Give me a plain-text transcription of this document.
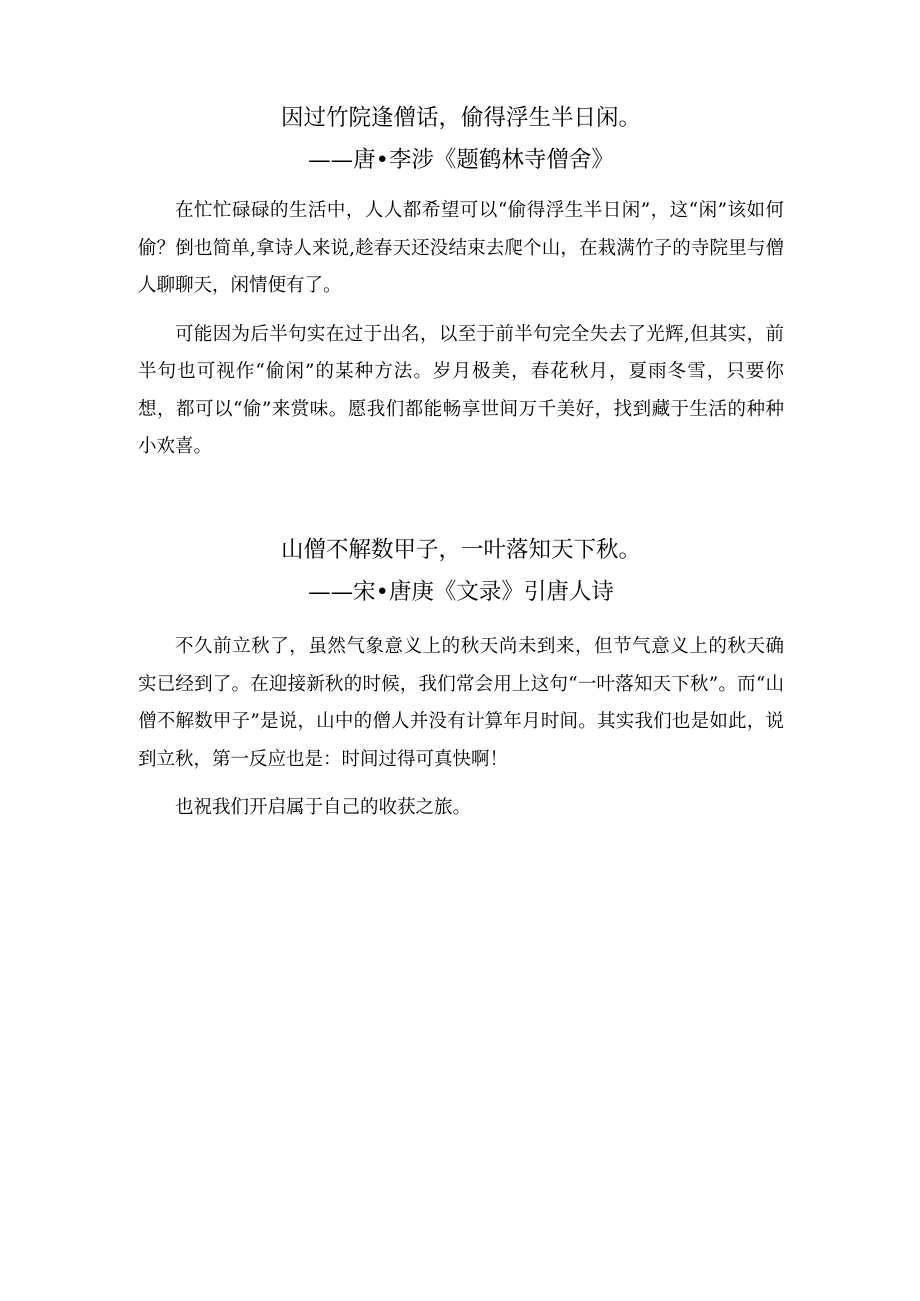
因过竹院逢僧话，偷得浮生半日闲。

——唐•李涉《题鹤林寺僧舍》

在忙忙碌碌的生活中，人人都希望可以“偷得浮生半日闲”，这“闲”该如何偷？倒也简单,拿诗人来说,趁春天还没结束去爬个山，在栽满竹子的寺院里与僧人聊聊天，闲情便有了。

可能因为后半句实在过于出名，以至于前半句完全失去了光辉,但其实，前半句也可视作“偷闲”的某种方法。岁月极美，春花秋月，夏雨冬雪，只要你想，都可以“偷”来赏味。愿我们都能畅享世间万千美好，找到藏于生活的种种小欢喜。

山僧不解数甲子，一叶落知天下秋。

——宋•唐庚《文录》引唐人诗

不久前立秋了，虽然气象意义上的秋天尚未到来，但节气意义上的秋天确实已经到了。在迎接新秋的时候，我们常会用上这句“一叶落知天下秋”。而“山僧不解数甲子”是说，山中的僧人并没有计算年月时间。其实我们也是如此，说到立秋，第一反应也是：时间过得可真快啊！

也祝我们开启属于自己的收获之旅。
